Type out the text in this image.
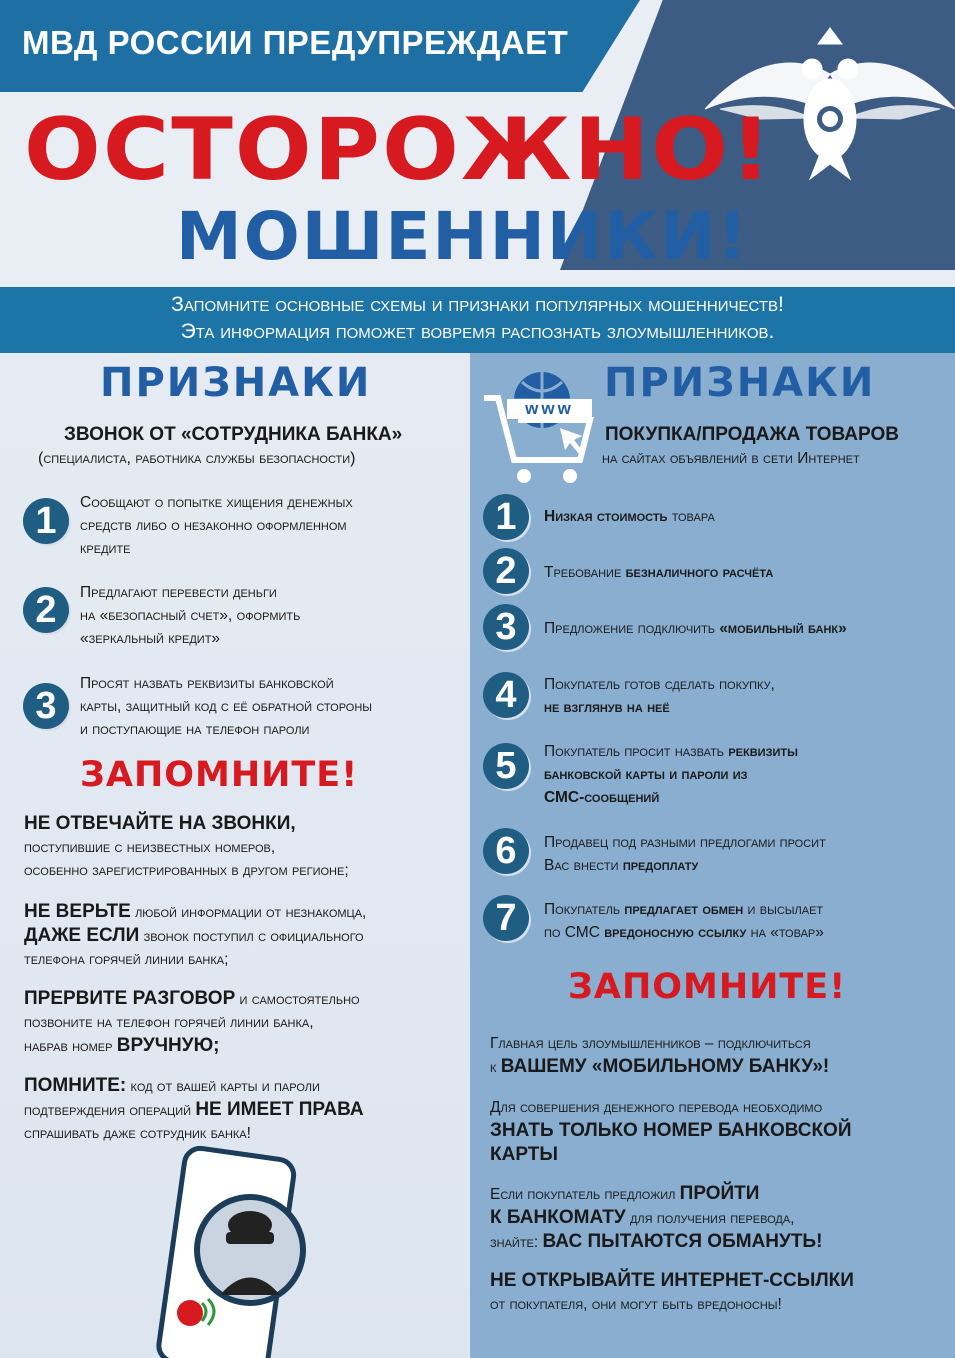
МВД РОССИИ ПРЕДУПРЕЖДАЕТ
ОСТОРОЖНО!
МОШЕННИКИ!
Запомните основные схемы и признаки популярных мошенничеств!
Эта информация поможет вовремя распознать злоумышленников.
ПРИЗНАКИ
ЗВОНОК ОТ «СОТРУДНИКА БАНКА»
(специалиста, работника службы безопасности)
1	Сообщают о попытке хищения денежных
средств либо о незаконно оформленном
кредите
2	Предлагают перевести деньги
на «безопасный счет», оформить
«зеркальный кредит»
3
Просят назвать реквизиты банковской
карты, защитный код с её обратной стороны
и поступающие на телефон пароли
ЗАПОМНИТЕ!
НЕ ОТВЕЧАЙТЕ НА ЗВОНКИ,
поступившие с неизвестных номеров,
особенно зарегистрированных в другом регионе;
НЕ ВЕРЬТЕ любой информации от незнакомца,
ДАЖЕ ЕСЛИ звонок поступил с официального
телефона горячей линии банка;
ПРЕРВИТЕ РАЗГОВОР и самостоятельно
позвоните на телефон горячей линии банка,
набрав номер ВРУЧНУЮ;
ПОМНИТЕ: код от вашей карты и пароли
подтверждения операций НЕ ИМЕЕТ ПРАВА
спрашивать даже сотрудник банка!
www
ПРИЗНАКИ
ПОКУПКА/ПРОДАЖА ТОВАРОВ
на сайтах объявлений в сети Интернет
1	Низкая стоимость товара
2	Требование безналичного расчёта
3	Предложение подключить «мобильный банк»
4	Покупатель готов сделать покупку,
не взглянув на неё
5	Покупатель просит назвать реквизиты
банковской карты и пароли из
СМС-сообщений
6	Продавец под разными предлогами просит
Вас внести предоплату
7	Покупатель предлагает обмен и высылает
по СМС вредоносную ссылку на «товар»
ЗАПОМНИТЕ!
Главная цель злоумышленников – подключиться
к ВАШЕМУ «МОБИЛЬНОМУ БАНКУ»!
Для совершения денежного перевода необходимо
ЗНАТЬ ТОЛЬКО НОМЕР БАНКОВСКОЙ
КАРТЫ
Если покупатель предложил ПРОЙТИ
К БАНКОМАТУ для получения перевода,
знайте: ВАС ПЫТАЮТСЯ ОБМАНУТЬ!
НЕ ОТКРЫВАЙТЕ ИНТЕРНЕТ-ССЫЛКИ
от покупателя, они могут быть вредоносны!
